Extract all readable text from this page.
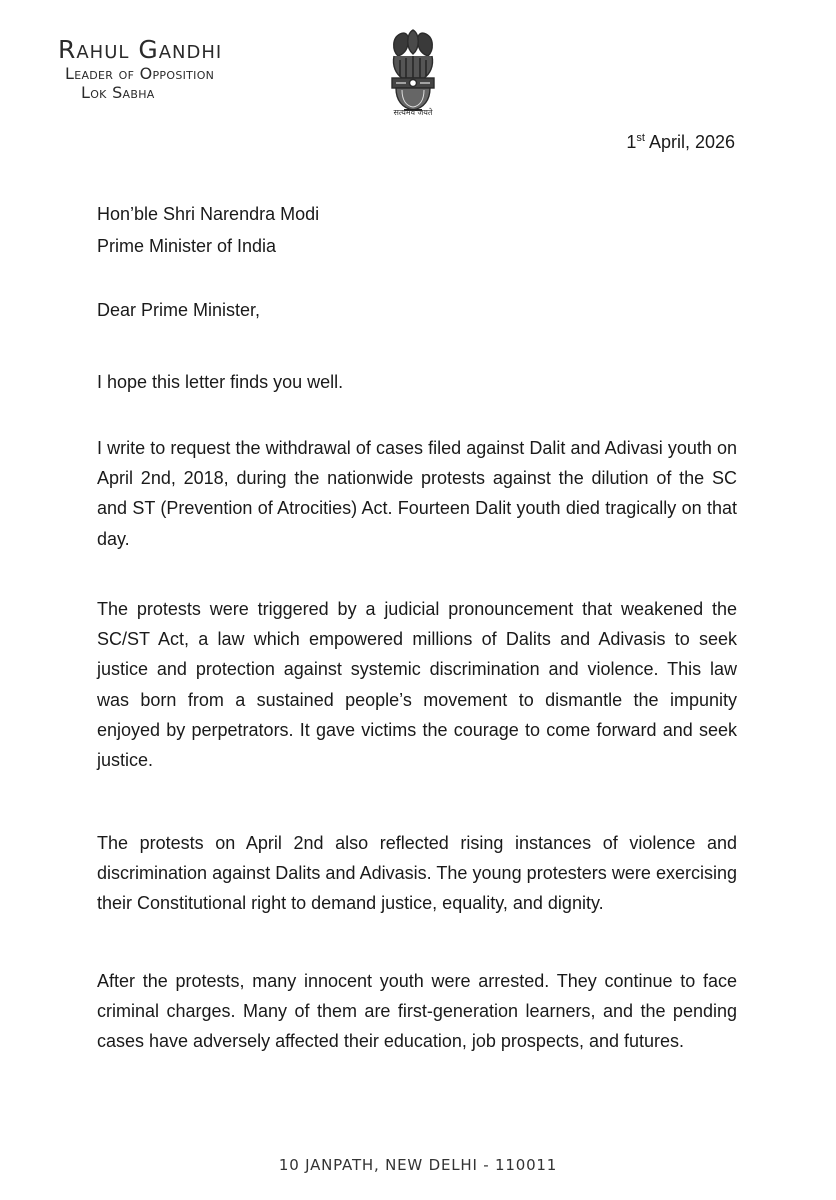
Rahul Gandhi
Leader of Opposition
Lok Sabha
सत्यमेव जयते
1st April, 2026
Hon’ble Shri Narendra Modi
Prime Minister of India
Dear Prime Minister,
I hope this letter finds you well.
I write to request the withdrawal of cases filed against Dalit and Adivasi youth on April 2nd, 2018, during the nationwide protests against the dilution of the SC and ST (Prevention of Atrocities) Act. Fourteen Dalit youth died tragically on that day.
The protests were triggered by a judicial pronouncement that weakened the SC/ST Act, a law which empowered millions of Dalits and Adivasis to seek justice and protection against systemic discrimination and violence. This law was born from a sustained people’s movement to dismantle the impunity enjoyed by perpetrators. It gave victims the courage to come forward and seek justice.
The protests on April 2nd also reflected rising instances of violence and discrimination against Dalits and Adivasis. The young protesters were exercising their Constitutional right to demand justice, equality, and dignity.
After the protests, many innocent youth were arrested. They continue to face criminal charges. Many of them are first-generation learners, and the pending cases have adversely affected their education, job prospects, and futures.
10 JANPATH, NEW DELHI - 110011
